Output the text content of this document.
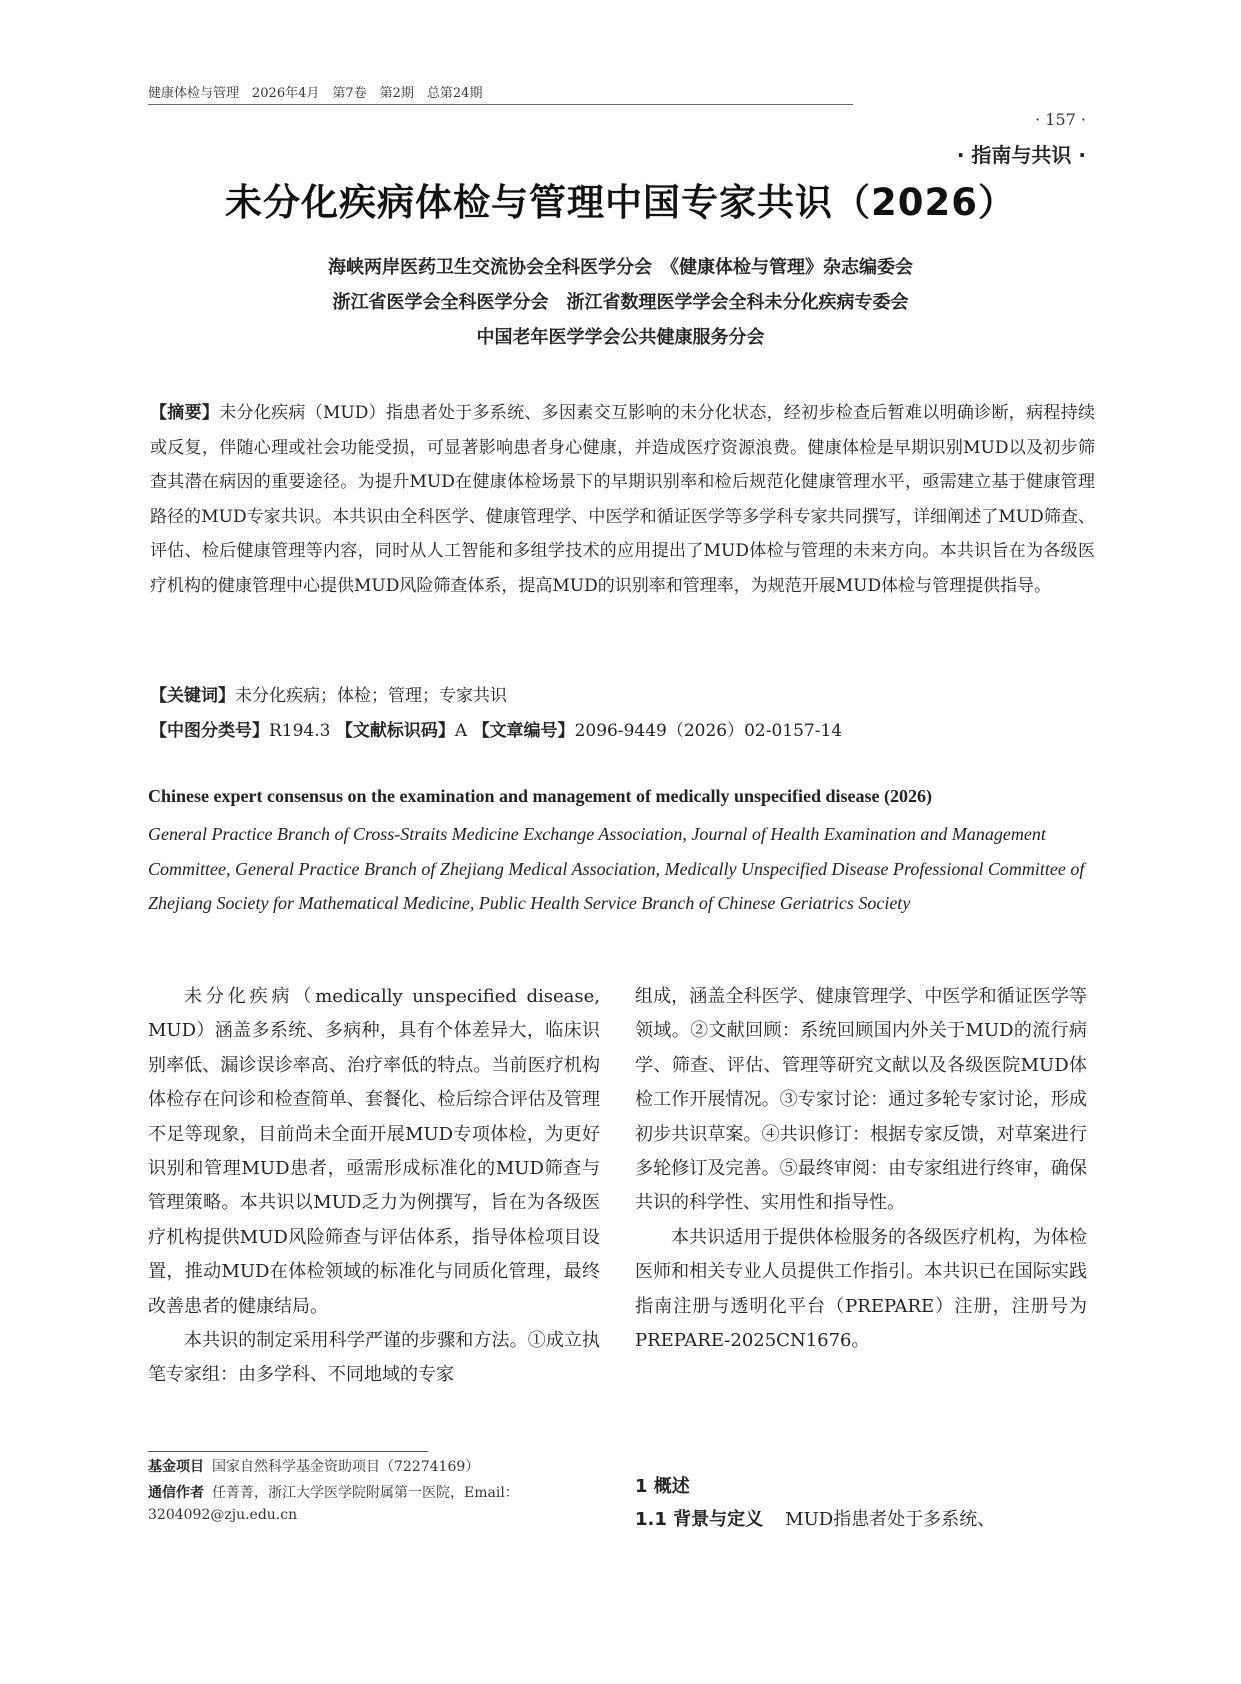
健康体检与管理　2026年4月　第7卷　第2期　总第24期
· 157 ·
· 指南与共识 ·
未分化疾病体检与管理中国专家共识（2026）
海峡两岸医药卫生交流协会全科医学分会　《健康体检与管理》杂志编委会
浙江省医学会全科医学分会　浙江省数理医学学会全科未分化疾病专委会
中国老年医学学会公共健康服务分会
【摘要】未分化疾病（MUD）指患者处于多系统、多因素交互影响的未分化状态，经初步检查后暂难以明确诊断，病程持续或反复，伴随心理或社会功能受损，可显著影响患者身心健康，并造成医疗资源浪费。健康体检是早期识别MUD以及初步筛查其潜在病因的重要途径。为提升MUD在健康体检场景下的早期识别率和检后规范化健康管理水平，亟需建立基于健康管理路径的MUD专家共识。本共识由全科医学、健康管理学、中医学和循证医学等多学科专家共同撰写，详细阐述了MUD筛查、评估、检后健康管理等内容，同时从人工智能和多组学技术的应用提出了MUD体检与管理的未来方向。本共识旨在为各级医疗机构的健康管理中心提供MUD风险筛查体系，提高MUD的识别率和管理率，为规范开展MUD体检与管理提供指导。
【关键词】未分化疾病；体检；管理；专家共识
【中图分类号】R194.3 【文献标识码】A 【文章编号】2096-9449（2026）02-0157-14
Chinese expert consensus on the examination and management of medically unspecified disease (2026)
General Practice Branch of Cross-Straits Medicine Exchange Association, Journal of Health Examination and Management Committee, General Practice Branch of Zhejiang Medical Association, Medically Unspecified Disease Professional Committee of Zhejiang Society for Mathematical Medicine, Public Health Service Branch of Chinese Geriatrics Society

未分化疾病（medically unspecified disease, MUD）涵盖多系统、多病种，具有个体差异大，临床识别率低、漏诊误诊率高、治疗率低的特点。当前医疗机构体检存在问诊和检查简单、套餐化、检后综合评估及管理不足等现象，目前尚未全面开展MUD专项体检，为更好识别和管理MUD患者，亟需形成标准化的MUD筛查与管理策略。本共识以MUD乏力为例撰写，旨在为各级医疗机构提供MUD风险筛查与评估体系，指导体检项目设置，推动MUD在体检领域的标准化与同质化管理，最终改善患者的健康结局。

本共识的制定采用科学严谨的步骤和方法。①成立执笔专家组：由多学科、不同地域的专家

组成，涵盖全科医学、健康管理学、中医学和循证医学等领域。②文献回顾：系统回顾国内外关于MUD的流行病学、筛查、评估、管理等研究文献以及各级医院MUD体检工作开展情况。③专家讨论：通过多轮专家讨论，形成初步共识草案。④共识修订：根据专家反馈，对草案进行多轮修订及完善。⑤最终审阅：由专家组进行终审，确保共识的科学性、实用性和指导性。

本共识适用于提供体检服务的各级医疗机构，为体检医师和相关专业人员提供工作指引。本共识已在国际实践指南注册与透明化平台（PREPARE）注册，注册号为PREPARE-2025CN1676。

基金项目 国家自然科学基金资助项目（72274169）
通信作者 任菁菁，浙江大学医学院附属第一医院，Email：3204092@zju.edu.cn
1 概述
1.1 背景与定义 MUD指患者处于多系统、
